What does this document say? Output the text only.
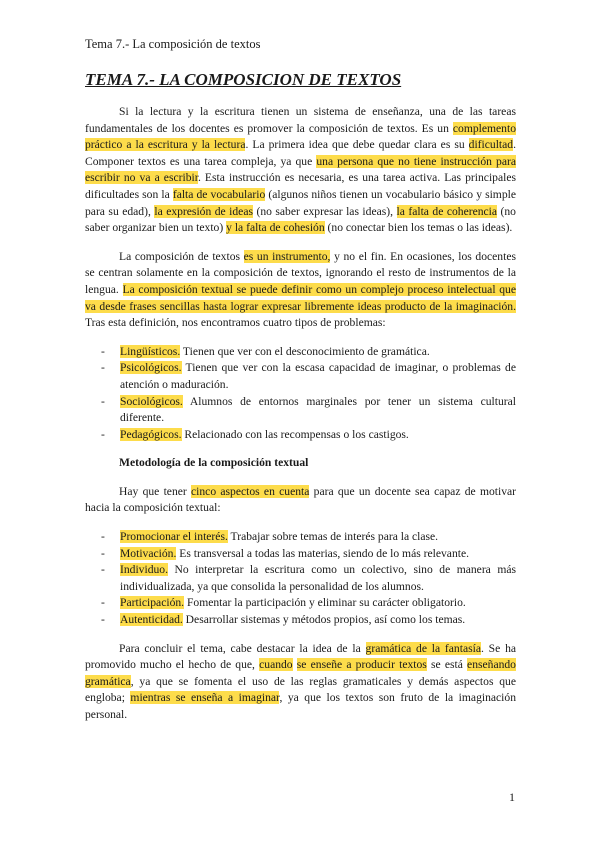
Tema 7.- La composición de textos
TEMA 7.- LA COMPOSICION DE TEXTOS

Si la lectura y la escritura tienen un sistema de enseñanza, una de las tareas fundamentales de los docentes es promover la composición de textos. Es un complemento práctico a la escritura y la lectura. La primera idea que debe quedar clara es su dificultad. Componer textos es una tarea compleja, ya que una persona que no tiene instrucción para escribir no va a escribir. Esta instrucción es necesaria, es una tarea activa. Las principales dificultades son la falta de vocabulario (algunos niños tienen un vocabulario básico y simple para su edad), la expresión de ideas (no saber expresar las ideas), la falta de coherencia (no saber organizar bien un texto) y la falta de cohesión (no conectar bien los temas o las ideas).

La composición de textos es un instrumento, y no el fin. En ocasiones, los docentes se centran solamente en la composición de textos, ignorando el resto de instrumentos de la lengua. La composición textual se puede definir como un complejo proceso intelectual que va desde frases sencillas hasta lograr expresar libremente ideas producto de la imaginación. Tras esta definición, nos encontramos cuatro tipos de problemas:

- Lingüísticos. Tienen que ver con el desconocimiento de gramática.
- Psicológicos. Tienen que ver con la escasa capacidad de imaginar, o problemas de atención o maduración.
- Sociológicos. Alumnos de entornos marginales por tener un sistema cultural diferente.
- Pedagógicos. Relacionado con las recompensas o los castigos.
Metodología de la composición textual

Hay que tener cinco aspectos en cuenta para que un docente sea capaz de motivar hacia la composición textual:

- Promocionar el interés. Trabajar sobre temas de interés para la clase.
- Motivación. Es transversal a todas las materias, siendo de lo más relevante.
- Individuo. No interpretar la escritura como un colectivo, sino de manera más individualizada, ya que consolida la personalidad de los alumnos.
- Participación. Fomentar la participación y eliminar su carácter obligatorio.
- Autenticidad. Desarrollar sistemas y métodos propios, así como los temas.

Para concluir el tema, cabe destacar la idea de la gramática de la fantasía. Se ha promovido mucho el hecho de que, cuando se enseñe a producir textos se está enseñando gramática, ya que se fomenta el uso de las reglas gramaticales y demás aspectos que engloba; mientras se enseña a imaginar, ya que los textos son fruto de la imaginación personal.

1
